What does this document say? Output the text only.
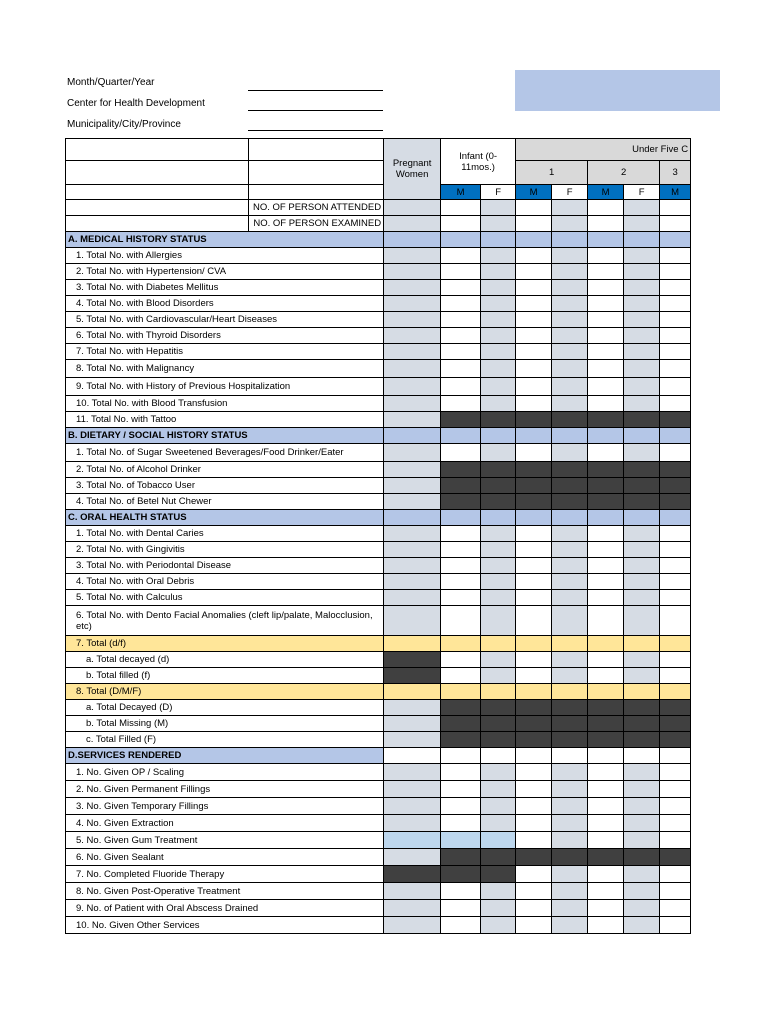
Month/Quarter/Year
Center for Health Development
Municipality/City/Province
		Pregnant Women	Infant (0-11mos.)		Under Five C				
					1		2		3
			M	F	M	F	M	F	M
	NO. OF PERSON ATTENDED								
	NO. OF PERSON EXAMINED								
A. MEDICAL HISTORY STATUS									
1. Total No. with Allergies									
2. Total No. with Hypertension/ CVA									
3. Total No. with Diabetes Mellitus									
4. Total No. with Blood Disorders									
5. Total No. with Cardiovascular/Heart Diseases									
6. Total No. with Thyroid Disorders									
7. Total No. with Hepatitis									
8. Total No. with Malignancy									
9. Total No. with History of Previous Hospitalization									
10. Total No. with Blood Transfusion									
11. Total No. with Tattoo									
B. DIETARY / SOCIAL HISTORY STATUS									
1. Total No. of Sugar Sweetened Beverages/Food Drinker/Eater									
2. Total No. of Alcohol Drinker									
3. Total No. of Tobacco User									
4. Total No. of Betel Nut Chewer									
C. ORAL HEALTH STATUS									
1. Total No. with Dental Caries									
2. Total No. with Gingivitis									
3. Total No. with Periodontal Disease									
4. Total No. with Oral Debris									
5. Total No. with Calculus									
6. Total No. with Dento Facial Anomalies (cleft lip/palate, Malocclusion, etc)									
7. Total (d/f)									
a. Total decayed (d)									
b. Total filled (f)									
8. Total (D/M/F)									
a. Total Decayed (D)									
b. Total Missing (M)									
c. Total Filled (F)									
D.SERVICES RENDERED									
1. No. Given OP / Scaling									
2. No. Given Permanent Fillings									
3. No. Given Temporary Fillings									
4. No. Given Extraction									
5. No. Given Gum Treatment									
6. No. Given Sealant									
7. No. Completed Fluoride Therapy									
8. No. Given Post-Operative Treatment									
9. No. of Patient with Oral Abscess Drained									
10. No. Given Other Services									
